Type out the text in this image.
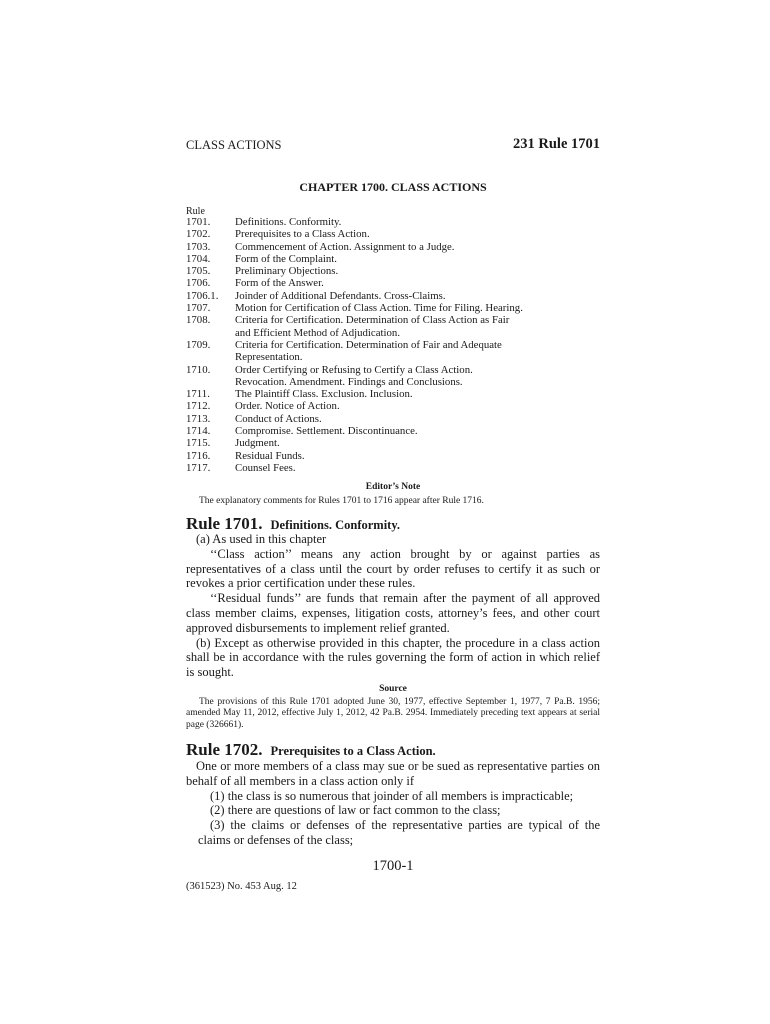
CLASS ACTIONS	231 Rule 1701
CHAPTER 1700. CLASS ACTIONS
Rule
1701.	Definitions. Conformity.
1702.	Prerequisites to a Class Action.
1703.	Commencement of Action. Assignment to a Judge.
1704.	Form of the Complaint.
1705.	Preliminary Objections.
1706.	Form of the Answer.
1706.1.	Joinder of Additional Defendants. Cross-Claims.
1707.	Motion for Certification of Class Action. Time for Filing. Hearing.
1708.	Criteria for Certification. Determination of Class Action as Fair
and Efficient Method of Adjudication.
1709.	Criteria for Certification. Determination of Fair and Adequate
Representation.
1710.	Order Certifying or Refusing to Certify a Class Action.
Revocation. Amendment. Findings and Conclusions.
1711.	The Plaintiff Class. Exclusion. Inclusion.
1712.	Order. Notice of Action.
1713.	Conduct of Actions.
1714.	Compromise. Settlement. Discontinuance.
1715.	Judgment.
1716.	Residual Funds.
1717.	Counsel Fees.
Editor’s Note
The explanatory comments for Rules 1701 to 1716 appear after Rule 1716.
Rule 1701. Definitions. Conformity.

(a) As used in this chapter

‘‘Class action’’ means any action brought by or against parties as representatives of a class until the court by order refuses to certify it as such or revokes a prior certification under these rules.

‘‘Residual funds’’ are funds that remain after the payment of all approved class member claims, expenses, litigation costs, attorney’s fees, and other court approved disbursements to implement relief granted.

(b) Except as otherwise provided in this chapter, the procedure in a class action shall be in accordance with the rules governing the form of action in which relief is sought.

Source
The provisions of this Rule 1701 adopted June 30, 1977, effective September 1, 1977, 7 Pa.B. 1956; amended May 11, 2012, effective July 1, 2012, 42 Pa.B. 2954. Immediately preceding text appears at serial page (326661).
Rule 1702. Prerequisites to a Class Action.

One or more members of a class may sue or be sued as representative parties on behalf of all members in a class action only if

(1) the class is so numerous that joinder of all members is impracticable;

(2) there are questions of law or fact common to the class;

(3) the claims or defenses of the representative parties are typical of the claims or defenses of the class;

1700-1
(361523) No. 453 Aug. 12
